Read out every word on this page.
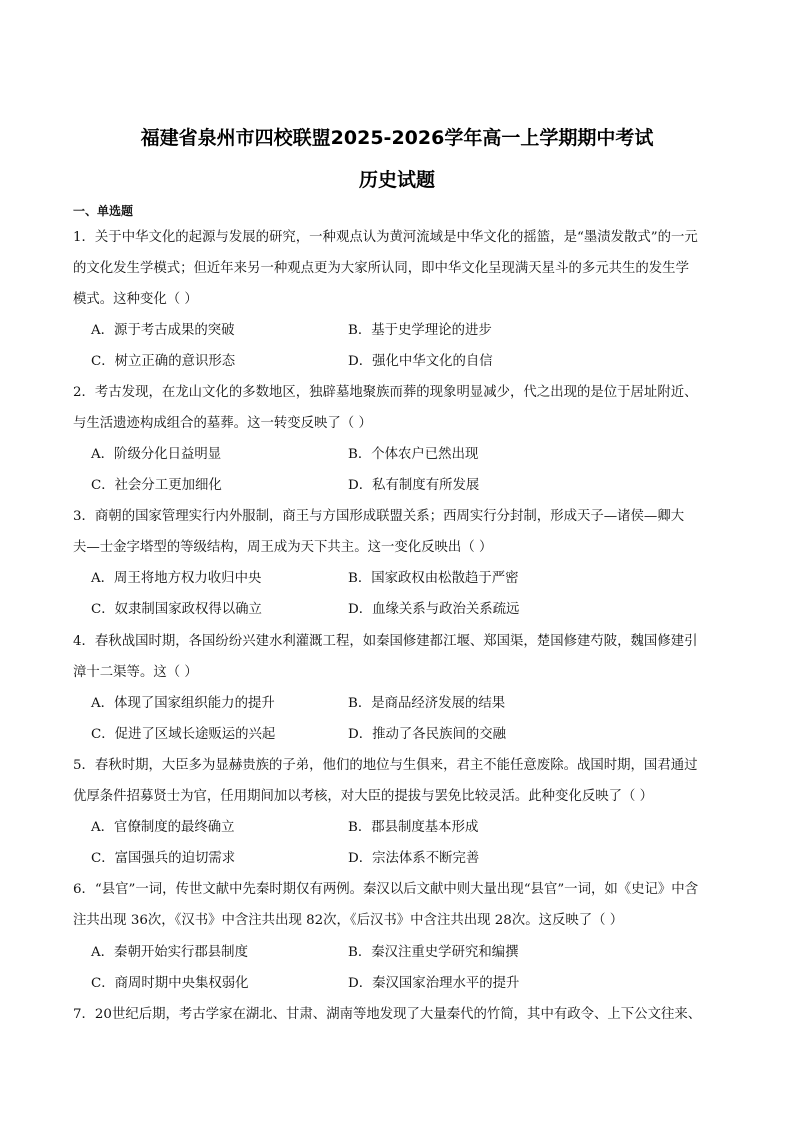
福建省泉州市四校联盟2025-2026学年高一上学期期中考试
历史试题
一、单选题
1．关于中华文化的起源与发展的研究，一种观点认为黄河流域是中华文化的摇篮，是“墨渍发散式”的一元
的文化发生学模式；但近年来另一种观点更为大家所认同，即中华文化呈现满天星斗的多元共生的发生学
模式。这种变化（ ）
A．源于考古成果的突破	B．基于史学理论的进步
C．树立正确的意识形态	D．强化中华文化的自信
2．考古发现，在龙山文化的多数地区，独辟墓地聚族而葬的现象明显减少，代之出现的是位于居址附近、
与生活遗迹构成组合的墓葬。这一转变反映了（ ）
A．阶级分化日益明显	B．个体农户已然出现
C．社会分工更加细化	D．私有制度有所发展
3．商朝的国家管理实行内外服制，商王与方国形成联盟关系；西周实行分封制，形成天子—诸侯—卿大
夫—士金字塔型的等级结构，周王成为天下共主。这一变化反映出（ ）
A．周王将地方权力收归中央	B．国家政权由松散趋于严密
C．奴隶制国家政权得以确立	D．血缘关系与政治关系疏远
4．春秋战国时期，各国纷纷兴建水利灌溉工程，如秦国修建都江堰、郑国渠，楚国修建芍陂，魏国修建引
漳十二渠等。这（ ）
A．体现了国家组织能力的提升	B．是商品经济发展的结果
C．促进了区域长途贩运的兴起	D．推动了各民族间的交融
5．春秋时期，大臣多为显赫贵族的子弟，他们的地位与生俱来，君主不能任意废除。战国时期，国君通过
优厚条件招募贤士为官，任用期间加以考核，对大臣的提拔与罢免比较灵活。此种变化反映了（ ）
A．官僚制度的最终确立	B．郡县制度基本形成
C．富国强兵的迫切需求	D．宗法体系不断完善
6．“县官”一词，传世文献中先秦时期仅有两例。秦汉以后文献中则大量出现“县官”一词，如《史记》中含
注共出现 36次，《汉书》中含注共出现 82次，《后汉书》中含注共出现 28次。这反映了（ ）
A．秦朝开始实行郡县制度	B．秦汉注重史学研究和编撰
C．商周时期中央集权弱化	D．秦汉国家治理水平的提升
7．20世纪后期，考古学家在湖北、甘肃、湖南等地发现了大量秦代的竹简，其中有政令、上下公文往来、
